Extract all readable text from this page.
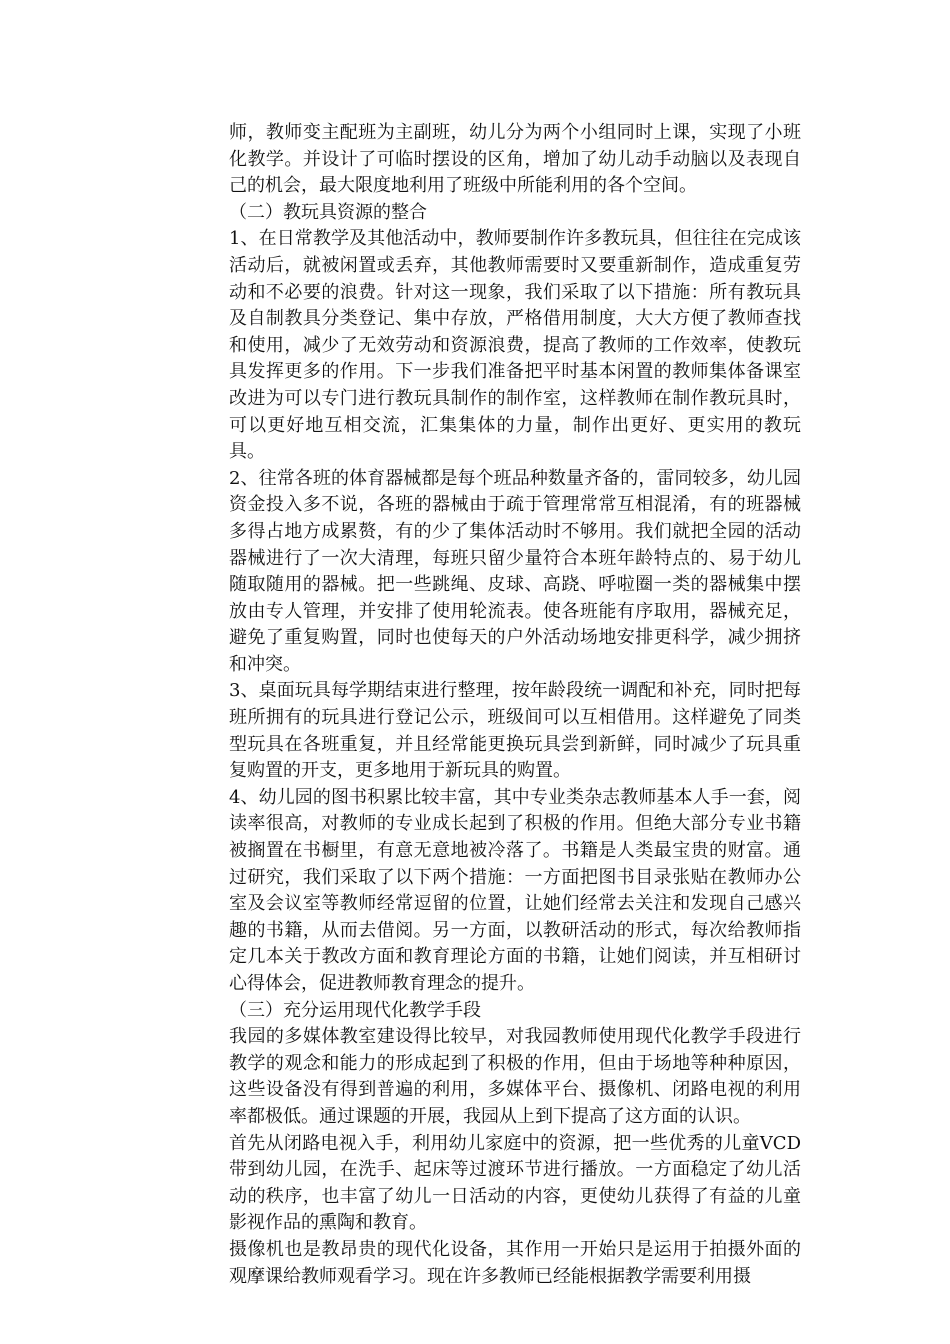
师，教师变主配班为主副班，幼儿分为两个小组同时上课，实现了小班化教学。并设计了可临时摆设的区角，增加了幼儿动手动脑以及表现自己的机会，最大限度地利用了班级中所能利用的各个空间。

（二）教玩具资源的整合

1、在日常教学及其他活动中，教师要制作许多教玩具，但往往在完成该活动后，就被闲置或丢弃，其他教师需要时又要重新制作，造成重复劳动和不必要的浪费。针对这一现象，我们采取了以下措施：所有教玩具及自制教具分类登记、集中存放，严格借用制度，大大方便了教师查找和使用，减少了无效劳动和资源浪费，提高了教师的工作效率，使教玩具发挥更多的作用。下一步我们准备把平时基本闲置的教师集体备课室改进为可以专门进行教玩具制作的制作室，这样教师在制作教玩具时，可以更好地互相交流，汇集集体的力量，制作出更好、更实用的教玩具。

2、往常各班的体育器械都是每个班品种数量齐备的，雷同较多，幼儿园资金投入多不说，各班的器械由于疏于管理常常互相混淆，有的班器械多得占地方成累赘，有的少了集体活动时不够用。我们就把全园的活动器械进行了一次大清理，每班只留少量符合本班年龄特点的、易于幼儿随取随用的器械。把一些跳绳、皮球、高跷、呼啦圈一类的器械集中摆放由专人管理，并安排了使用轮流表。使各班能有序取用，器械充足，避免了重复购置，同时也使每天的户外活动场地安排更科学，减少拥挤和冲突。

3、桌面玩具每学期结束进行整理，按年龄段统一调配和补充，同时把每班所拥有的玩具进行登记公示，班级间可以互相借用。这样避免了同类型玩具在各班重复，并且经常能更换玩具尝到新鲜，同时减少了玩具重复购置的开支，更多地用于新玩具的购置。

4、幼儿园的图书积累比较丰富，其中专业类杂志教师基本人手一套，阅读率很高，对教师的专业成长起到了积极的作用。但绝大部分专业书籍被搁置在书橱里，有意无意地被冷落了。书籍是人类最宝贵的财富。通过研究，我们采取了以下两个措施：一方面把图书目录张贴在教师办公室及会议室等教师经常逗留的位置，让她们经常去关注和发现自己感兴趣的书籍，从而去借阅。另一方面，以教研活动的形式，每次给教师指定几本关于教改方面和教育理论方面的书籍，让她们阅读，并互相研讨心得体会，促进教师教育理念的提升。

（三）充分运用现代化教学手段

我园的多媒体教室建设得比较早，对我园教师使用现代化教学手段进行教学的观念和能力的形成起到了积极的作用，但由于场地等种种原因，这些设备没有得到普遍的利用，多媒体平台、摄像机、闭路电视的利用率都极低。通过课题的开展，我园从上到下提高了这方面的认识。

首先从闭路电视入手，利用幼儿家庭中的资源，把一些优秀的儿童VCD带到幼儿园，在洗手、起床等过渡环节进行播放。一方面稳定了幼儿活动的秩序，也丰富了幼儿一日活动的内容，更使幼儿获得了有益的儿童影视作品的熏陶和教育。

摄像机也是教昂贵的现代化设备，其作用一开始只是运用于拍摄外面的观摩课给教师观看学习。现在许多教师已经能根据教学需要利用摄
